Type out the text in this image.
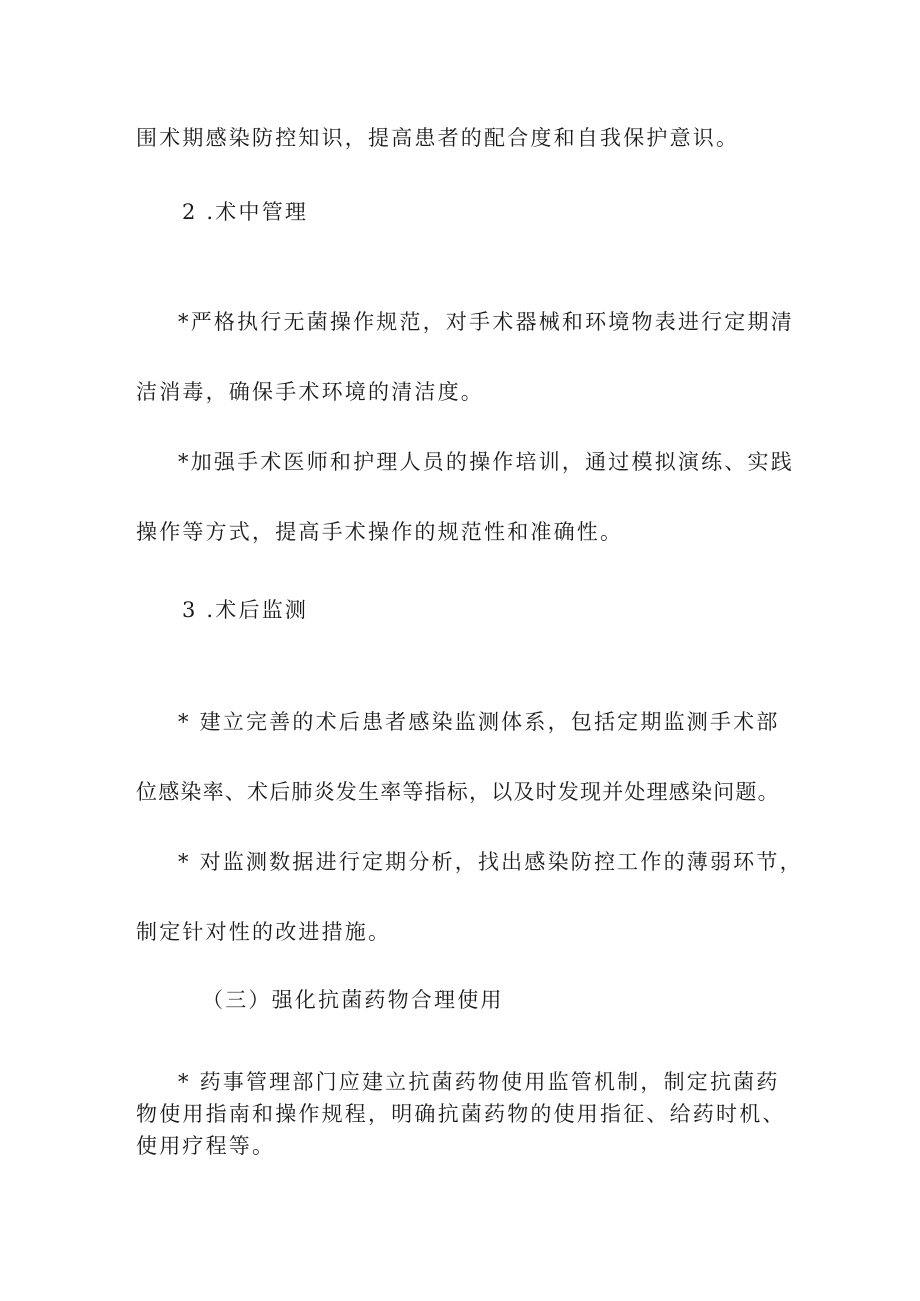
围术期感染防控知识，提高患者的配合度和自我保护意识。
2 .术中管理
*严格执行无菌操作规范，对手术器械和环境物表进行定期清
洁消毒，确保手术环境的清洁度。
*加强手术医师和护理人员的操作培训，通过模拟演练、实践
操作等方式，提高手术操作的规范性和准确性。
3 .术后监测
* 建立完善的术后患者感染监测体系，包括定期监测手术部
位感染率、术后肺炎发生率等指标，以及时发现并处理感染问题。
* 对监测数据进行定期分析，找出感染防控工作的薄弱环节，
制定针对性的改进措施。
（三）强化抗菌药物合理使用
* 药事管理部门应建立抗菌药物使用监管机制，制定抗菌药
物使用指南和操作规程，明确抗菌药物的使用指征、给药时机、
使用疗程等。
